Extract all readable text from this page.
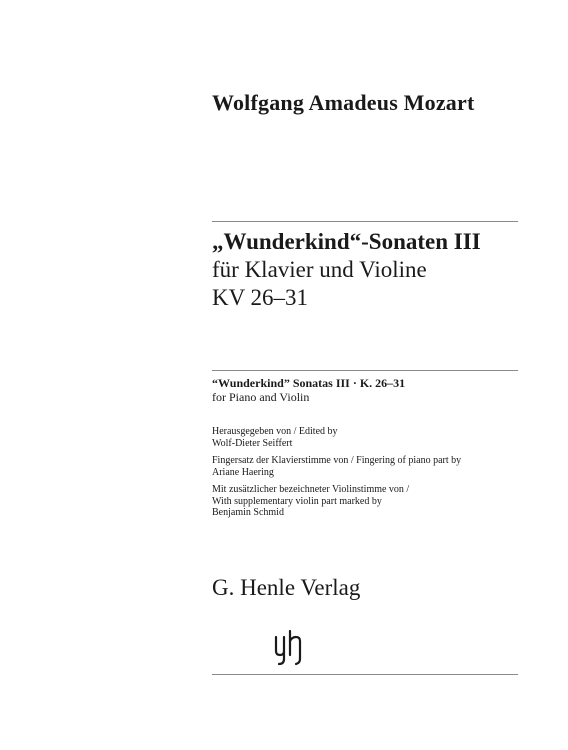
Wolfgang Amadeus Mozart
„Wunderkind“-Sonaten III
für Klavier und Violine
KV 26–31
“Wunderkind” Sonatas III · K. 26–31
for Piano and Violin

Herausgegeben von / Edited by
Wolf-Dieter Seiffert

Fingersatz der Klavierstimme von / Fingering of piano part by
Ariane Haering

Mit zusätzlicher bezeichneter Violinstimme von /
With supplementary violin part marked by
Benjamin Schmid

G. Henle Verlag
